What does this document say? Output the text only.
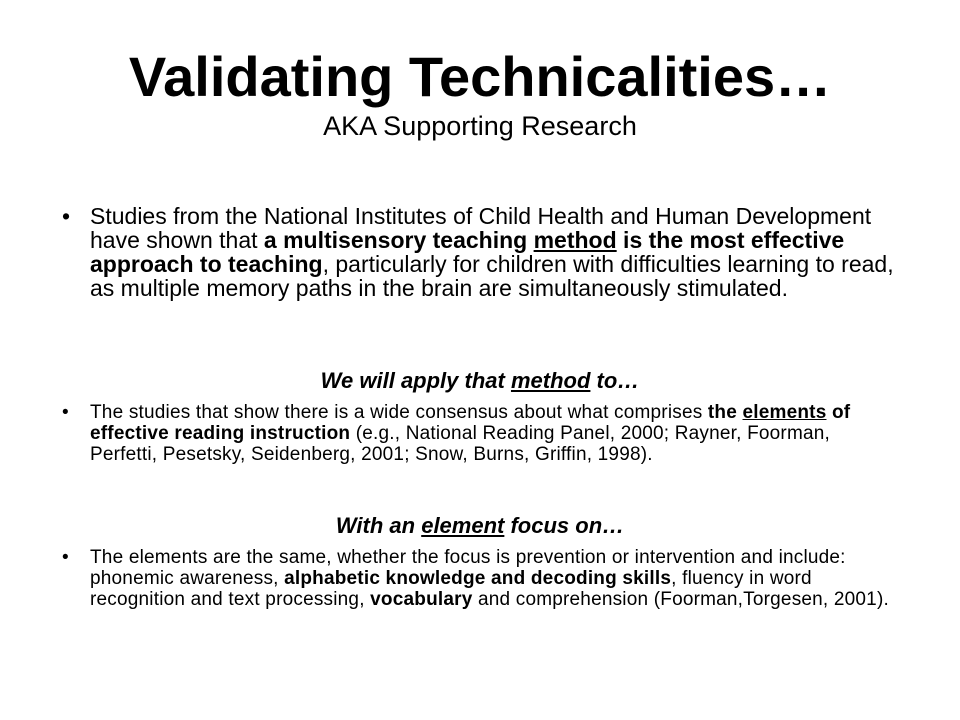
Validating Technicalities…
AKA Supporting Research
• Studies from the National Institutes of Child Health and Human Development have shown that a multisensory teaching method is the most effective approach to teaching, particularly for children with difficulties learning to read, as multiple memory paths in the brain are simultaneously stimulated.
We will apply that method to…
•	The studies that show there is a wide consensus about what comprises the elements of effective reading instruction (e.g., National Reading Panel, 2000; Rayner, Foorman, Perfetti, Pesetsky, Seidenberg, 2001; Snow, Burns, Griffin, 1998).
With an element focus on…
•	The elements are the same, whether the focus is prevention or intervention and include: phonemic awareness, alphabetic knowledge and decoding skills, fluency in word recognition and text processing, vocabulary and comprehension (Foorman,Torgesen, 2001).
